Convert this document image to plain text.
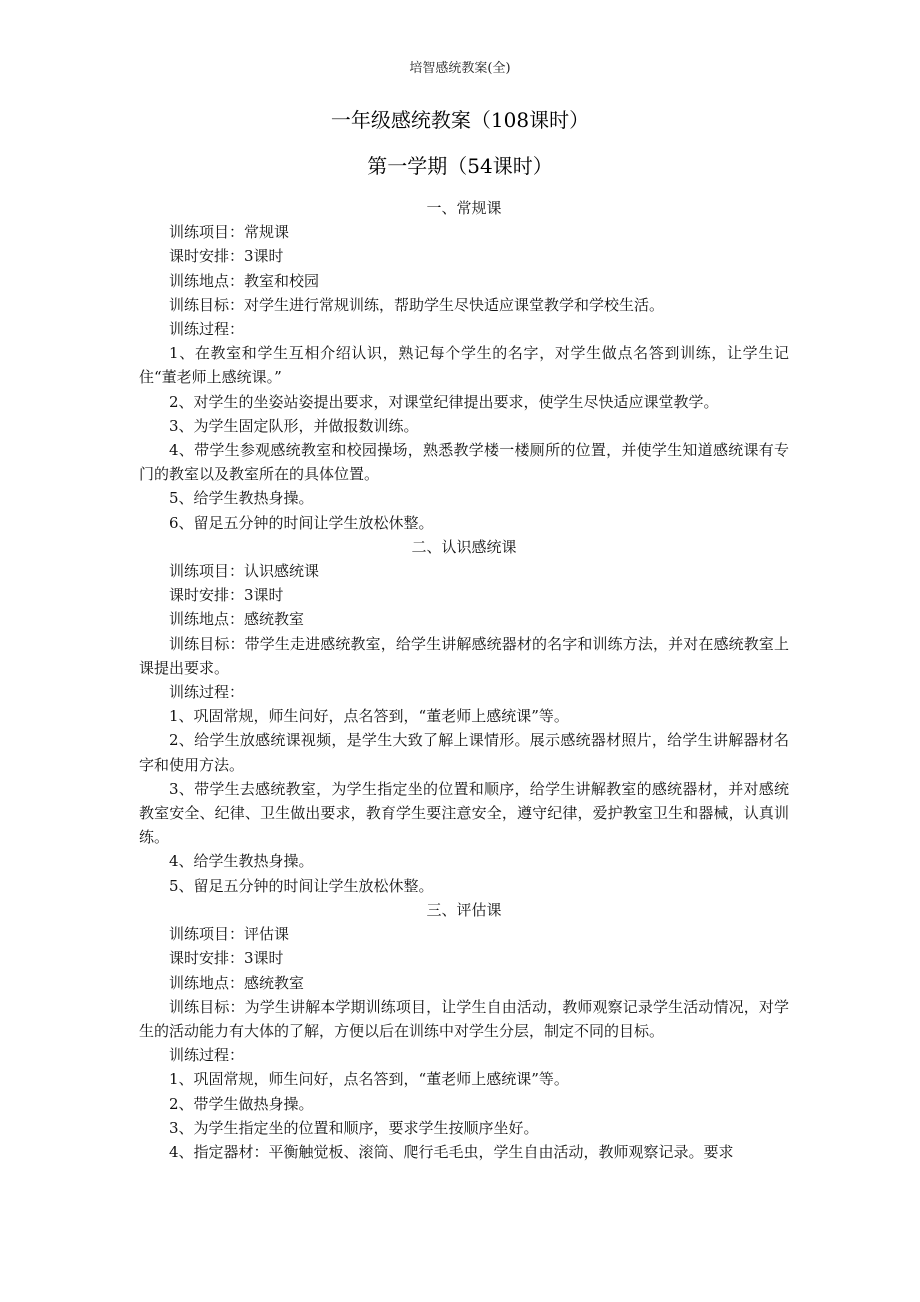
培智感统教案(全)
一年级感统教案（108课时）
第一学期（54课时）

一、常规课

训练项目：常规课

课时安排：3课时

训练地点：教室和校园

训练目标：对学生进行常规训练，帮助学生尽快适应课堂教学和学校生活。

训练过程：

1、在教室和学生互相介绍认识，熟记每个学生的名字，对学生做点名答到训练，让学生记住“董老师上感统课。”

2、对学生的坐姿站姿提出要求，对课堂纪律提出要求，使学生尽快适应课堂教学。

3、为学生固定队形，并做报数训练。

4、带学生参观感统教室和校园操场，熟悉教学楼一楼厕所的位置，并使学生知道感统课有专门的教室以及教室所在的具体位置。

5、给学生教热身操。

6、留足五分钟的时间让学生放松休整。

二、认识感统课

训练项目：认识感统课

课时安排：3课时

训练地点：感统教室

训练目标：带学生走进感统教室，给学生讲解感统器材的名字和训练方法，并对在感统教室上课提出要求。

训练过程：

1、巩固常规，师生问好，点名答到，“董老师上感统课”等。

2、给学生放感统课视频，是学生大致了解上课情形。展示感统器材照片，给学生讲解器材名字和使用方法。

3、带学生去感统教室，为学生指定坐的位置和顺序，给学生讲解教室的感统器材，并对感统教室安全、纪律、卫生做出要求，教育学生要注意安全，遵守纪律，爱护教室卫生和器械，认真训练。

4、给学生教热身操。

5、留足五分钟的时间让学生放松休整。

三、评估课

训练项目：评估课

课时安排：3课时

训练地点：感统教室

训练目标：为学生讲解本学期训练项目，让学生自由活动，教师观察记录学生活动情况，对学生的活动能力有大体的了解，方便以后在训练中对学生分层，制定不同的目标。

训练过程：

1、巩固常规，师生问好，点名答到，“董老师上感统课”等。

2、带学生做热身操。

3、为学生指定坐的位置和顺序，要求学生按顺序坐好。

4、指定器材：平衡触觉板、滚筒、爬行毛毛虫，学生自由活动，教师观察记录。要求
